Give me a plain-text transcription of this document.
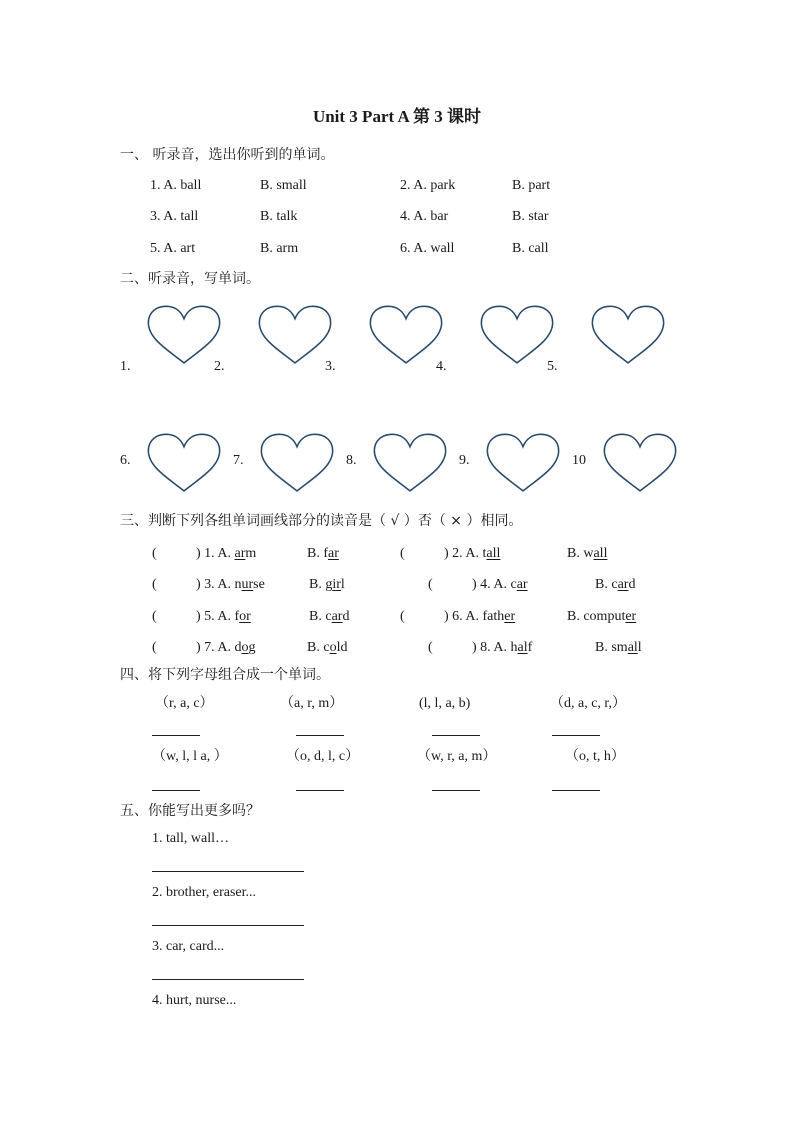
Unit 3 Part A 第 3 课时
一、 听录音，选出你听到的单词。
1. A. ball	B. small	2. A. park	B. part
3. A. tall	B. talk	4. A. bar	B. star
5. A. art	B. arm	6. A. wall	B. call
二、听录音，写单词。
1.	2.	3.	4.	5.
6.	7.	8.	9.	10
三、判断下列各组单词画线部分的读音是（ √ ）否（ × ）相同。
(	) 1. A. arm	B. far	(	) 2. A. tall	B. wall
(	) 3. A. nurse	B. girl	(	) 4. A. car	B. card
(	) 5. A. for	B. card	(	) 6. A. father	B. computer
(	) 7. A. dog	B. cold	(	) 8. A. half	B. small
四、将下列字母组合成一个单词。
（r, a, c）	（a, r, m）	(l, l, a, b)	（d, a, c, r,）
（w, l, l a, ）	（o, d, l, c）	（w, r, a, m）	（o, t, h）
五、你能写出更多吗？
1. tall, wall…
2. brother, eraser...
3. car, card...
4. hurt, nurse...
